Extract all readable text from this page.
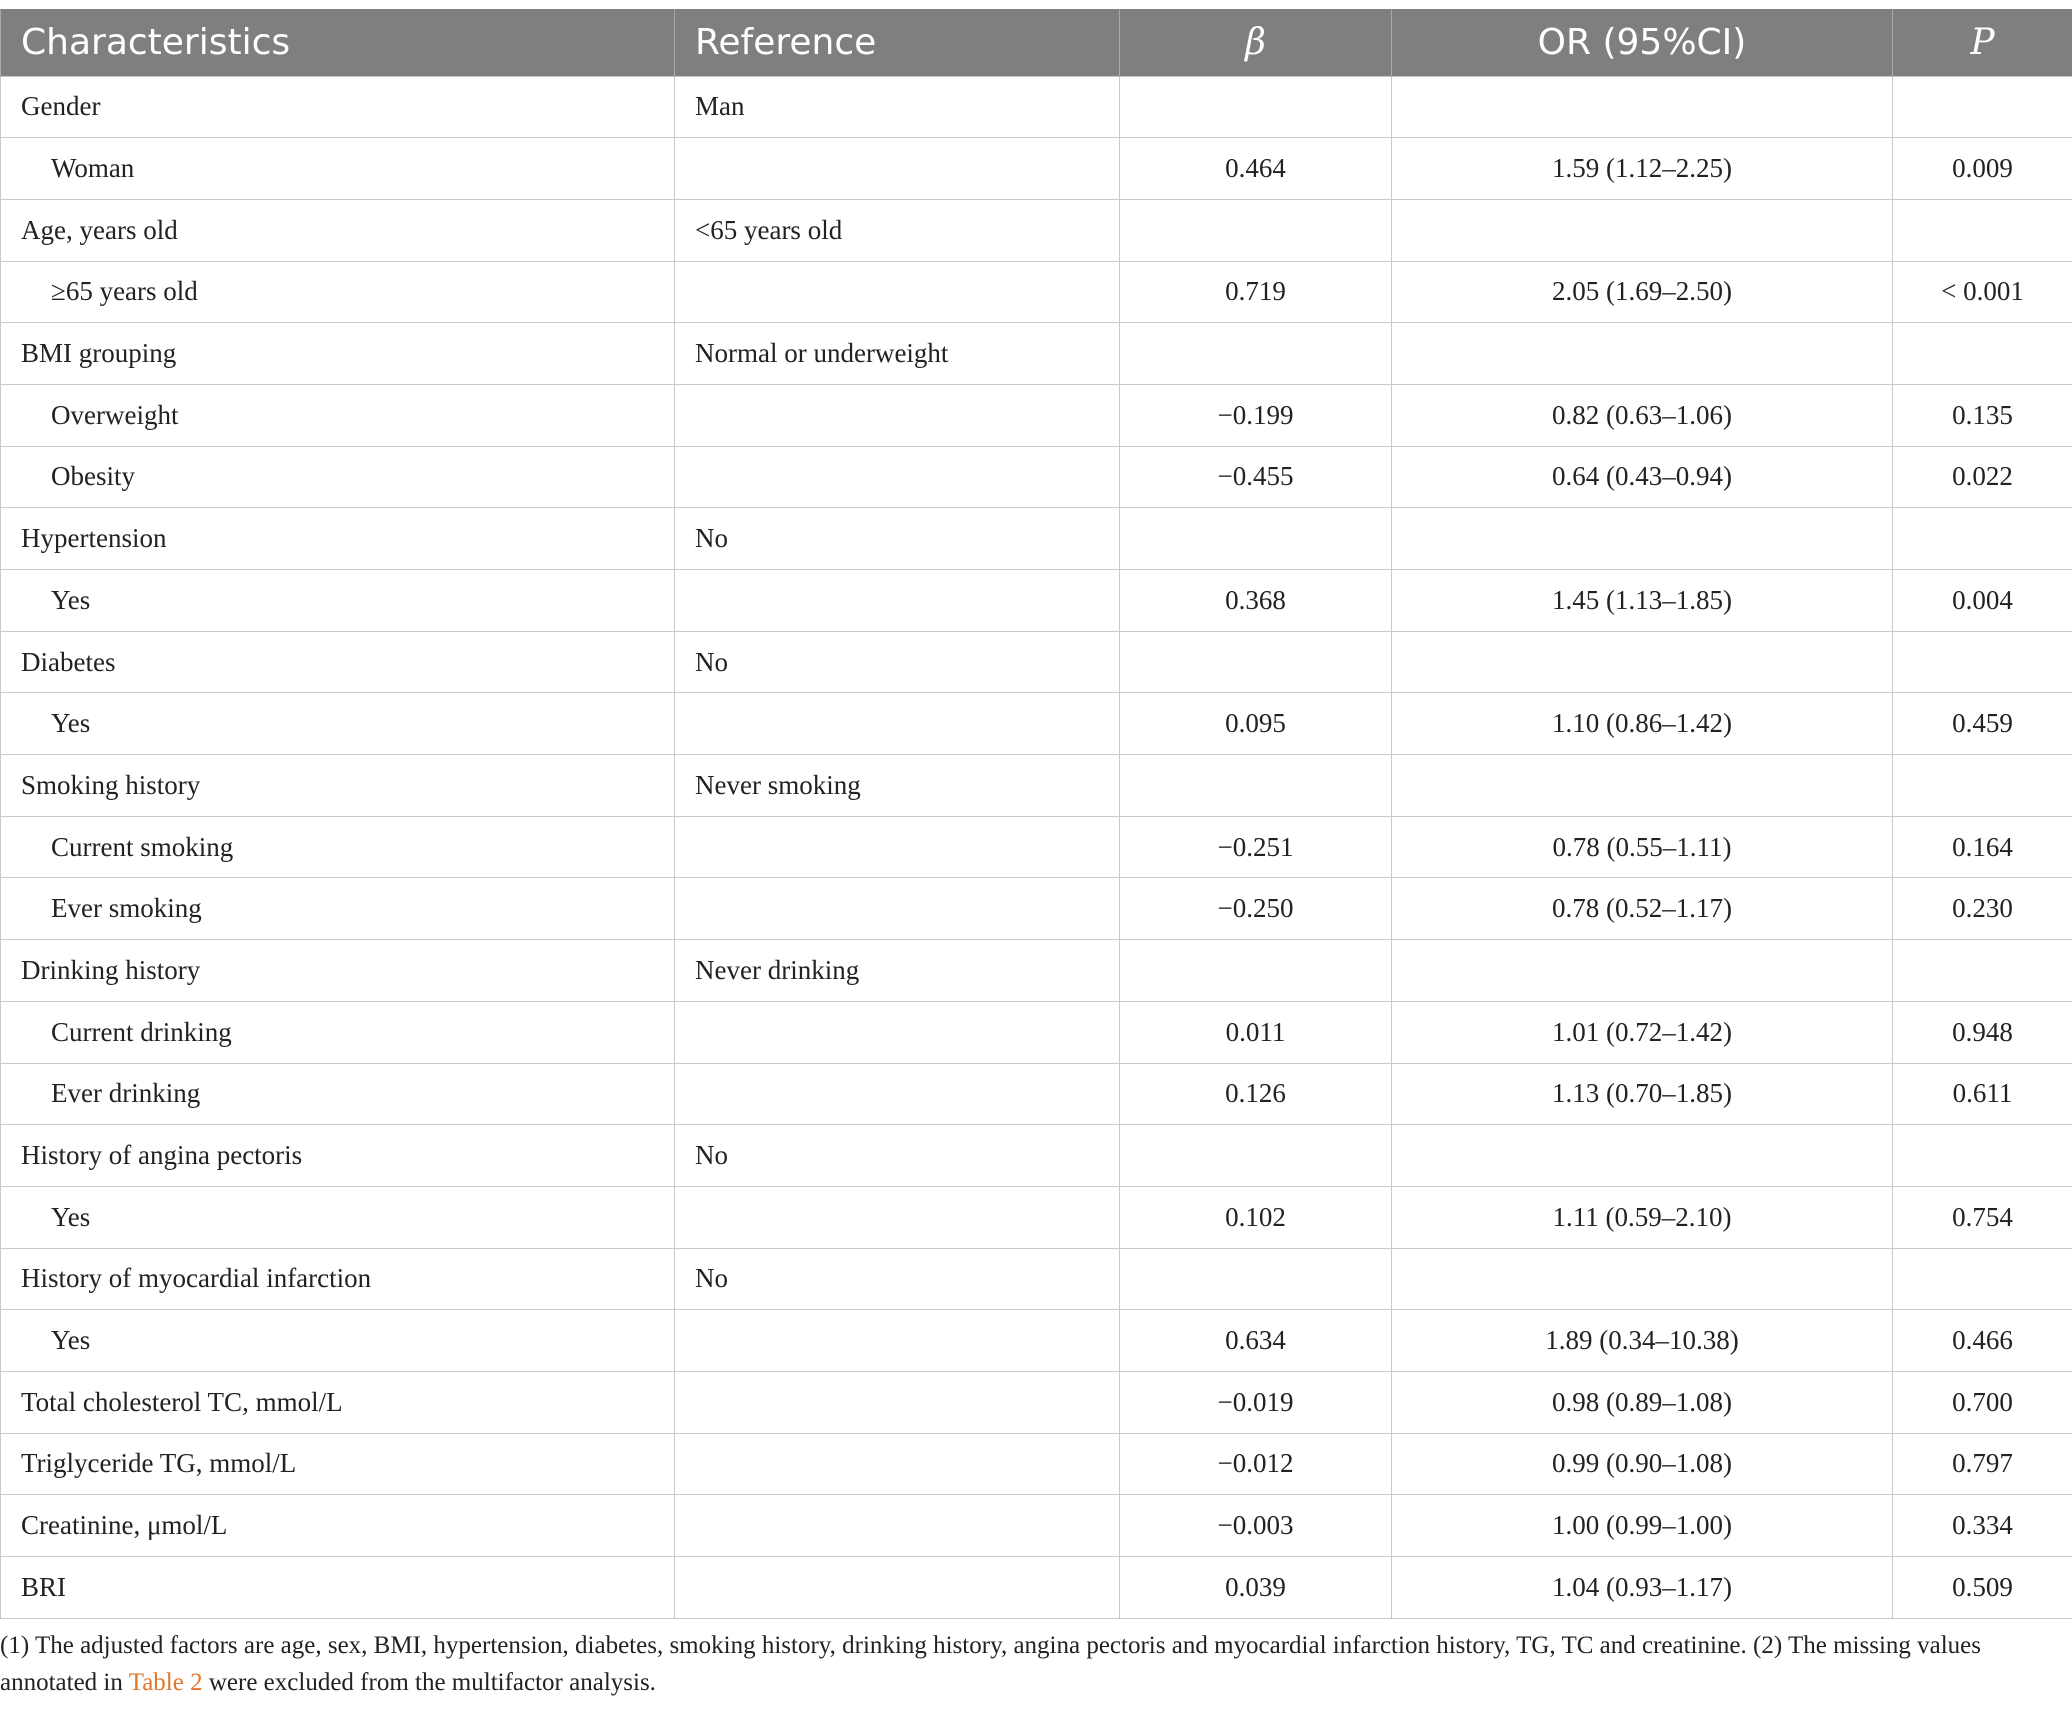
Characteristics	Reference	β	OR (95%CI)	P
Gender	Man			
Woman		0.464	1.59 (1.12–2.25)	0.009
Age, years old	<65 years old			
≥65 years old		0.719	2.05 (1.69–2.50)	< 0.001
BMI grouping	Normal or underweight			
Overweight		−0.199	0.82 (0.63–1.06)	0.135
Obesity		−0.455	0.64 (0.43–0.94)	0.022
Hypertension	No			
Yes		0.368	1.45 (1.13–1.85)	0.004
Diabetes	No			
Yes		0.095	1.10 (0.86–1.42)	0.459
Smoking history	Never smoking			
Current smoking		−0.251	0.78 (0.55–1.11)	0.164
Ever smoking		−0.250	0.78 (0.52–1.17)	0.230
Drinking history	Never drinking			
Current drinking		0.011	1.01 (0.72–1.42)	0.948
Ever drinking		0.126	1.13 (0.70–1.85)	0.611
History of angina pectoris	No			
Yes		0.102	1.11 (0.59–2.10)	0.754
History of myocardial infarction	No			
Yes		0.634	1.89 (0.34–10.38)	0.466
Total cholesterol TC, mmol/L		−0.019	0.98 (0.89–1.08)	0.700
Triglyceride TG, mmol/L		−0.012	0.99 (0.90–1.08)	0.797
Creatinine, μmol/L		−0.003	1.00 (0.99–1.00)	0.334
BRI		0.039	1.04 (0.93–1.17)	0.509
(1) The adjusted factors are age, sex, BMI, hypertension, diabetes, smoking history, drinking history, angina pectoris and myocardial infarction history, TG, TC and creatinine. (2) The missing values annotated in Table 2 were excluded from the multifactor analysis.
